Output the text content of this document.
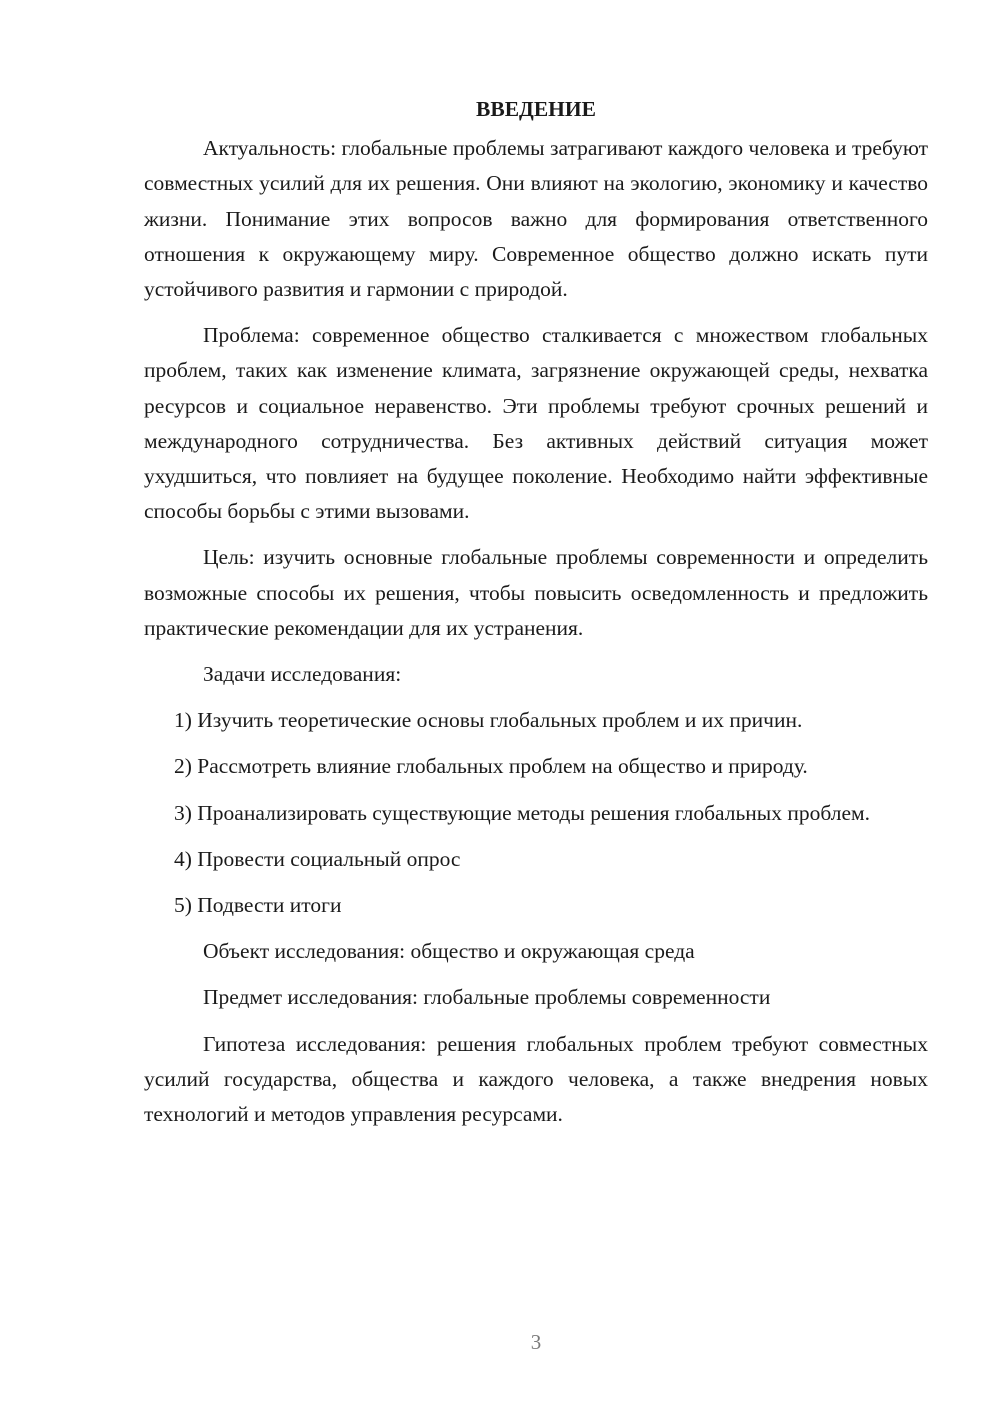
ВВЕДЕНИЕ

Актуальность: глобальные проблемы затрагивают каждого человека и требуют совместных усилий для их решения. Они влияют на экологию, экономику и качество жизни. Понимание этих вопросов важно для формирования ответственного отношения к окружающему миру. Современное общество должно искать пути устойчивого развития и гармонии с природой.

Проблема: современное общество сталкивается с множеством глобальных проблем, таких как изменение климата, загрязнение окружающей среды, нехватка ресурсов и социальное неравенство. Эти проблемы требуют срочных решений и международного сотрудничества. Без активных действий ситуация может ухудшиться, что повлияет на будущее поколение. Необходимо найти эффективные способы борьбы с этими вызовами.

Цель: изучить основные глобальные проблемы современности и определить возможные способы их решения, чтобы повысить осведомленность и предложить практические рекомендации для их устранения.

Задачи исследования:

1) Изучить теоретические основы глобальных проблем и их причин.

2) Рассмотреть влияние глобальных проблем на общество и природу.

3) Проанализировать существующие методы решения глобальных проблем.

4) Провести социальный опрос

5) Подвести итоги

Объект исследования: общество и окружающая среда

Предмет исследования: глобальные проблемы современности

Гипотеза исследования: решения глобальных проблем требуют совместных усилий государства, общества и каждого человека, а также внедрения новых технологий и методов управления ресурсами.

3
